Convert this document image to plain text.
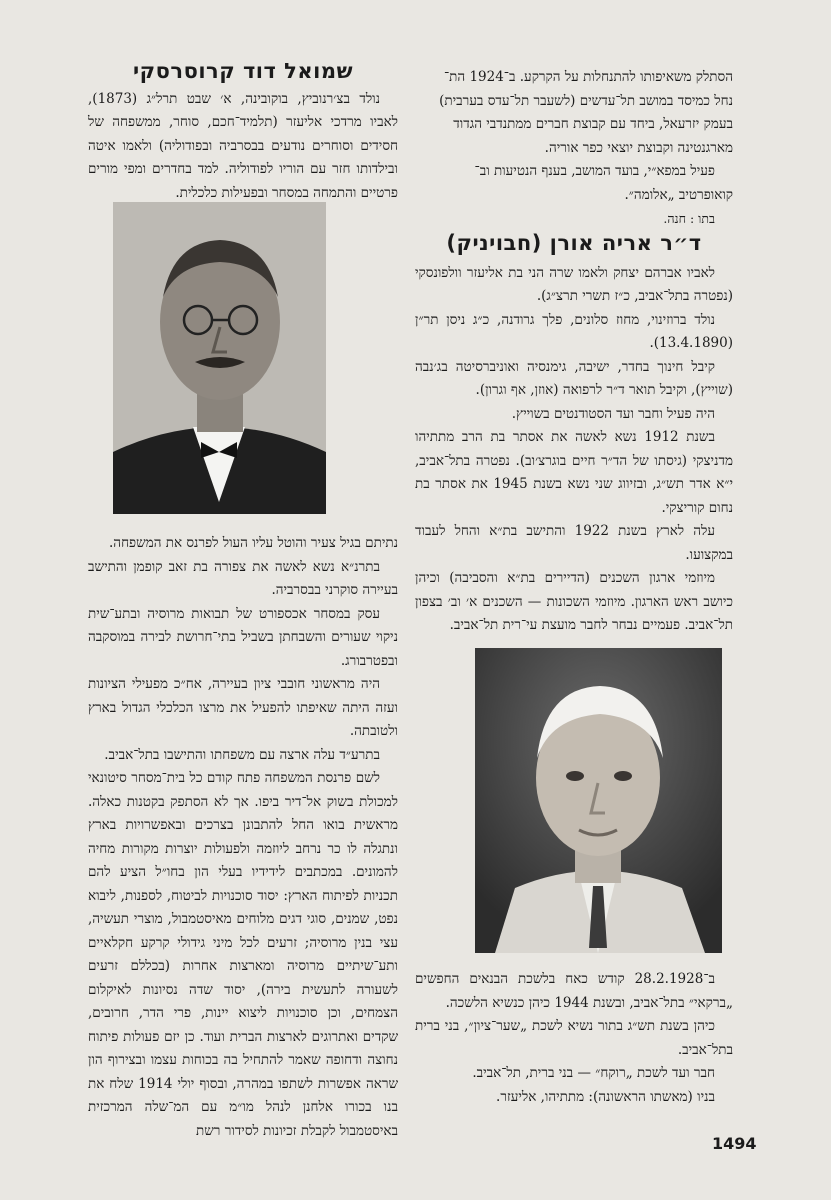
הסתלק משאיפותו להתנחלות על הקרקע. ב־1924 הת־

נחל כמיסד במושב תל־עדשים (לשעבר תל־עדס בערבית)

בעמק יזרעאל, ביחד עם קבוצת חברים ממתנדבי הגדוד

מארגנטינה וקבוצת יוצאי כפר אוריה.

פעיל במפא״י, בועד המושב, בענף הנטיעות וב־

קואופרטיב „אלומה״.

בתו : חנה.

ד״ר אריה אורן (חבויניק)

לאביו אברהם יצחק ולאמו שרה הני בת אליעזר וולפונסקי (נפטרה בתל־אביב, כ״ז תשרי תרצ״ג).

נולד ברוזינוי, מחוז סלונים, פלך גרודנה, כ״ג ניסן תר״ן (13.4.1890).

קיבל חינוך בחדר, ישיבה, גימנסיה ואוניברסיטה בג׳נבה (שוייץ), וקיבל תואר ד״ר לרפואה (אוזן, אף וגרון).

היה פעיל וחבר ועד הסטודנטים בשוייץ.

בשנת 1912 נשא לאשה את אסתר בת הרב מתתיהו מדניצקי (גיסתו של הד״ר חיים בוגרצ׳וב). נפטרה בתל־אביב, י״א אדר תש״ג, ובזיווג שני נשא בשנת 1945 את אסתר בת נחום קוריצקי.

עלה לארץ בשנת 1922 והתישב בת״א והחל לעבוד במקצועו.

מיוזמי ארגון השכנים (הדיירים בת״א והסביבה) וכיהן כיושב ראש הארגון. מיוזמי השכונות — השכנים א׳ וב׳ בצפון תל־אביב. פעמיים נבחר לחבר מועצת עי־רית תל־אביב.

ב־28.2.1928 קודש כאח בלשכת הבנאים החפשים „ברקאי״ בתל־אביב, ובשנת 1944 כיהן כנשיא הלשכה.

כיהן בשנת תש״ג בתור נשיא לשכת „שער־ציון״, בני ברית בתל־אביב.

חבר ועד לשכת „רוקח״ — בני ברית, תל־אביב.

בניו (מאשתו הראשונה): מתתיהו, אליעזר.

שמואל דוד קרוסרסקי

נולד בצ׳רנוביץ, בוקובינה, א׳ שבט תרל״ג (1873), לאביו מרדכי אליעזר (תלמיד־חכם, סוחר, ממשפחה של חסידים וסוחרים נודעים בבסרביה ובפודוליה) ולאמו איטה ובילדותו חזר עם הוריו לפודוליה. למד בחדרים ומפי מורים פרטיים והתמחה במסחר ובפעילות כלכלית.

נתיתם בגיל צעיר והוטל עליו העול לפרנס את המשפחה.

בתרנ״א נשא לאשה את צפורה בת זאב קופמן והתישב בעיירה סוקרני בבסרביה.

עסק במסחר אכספורט של תבואות מרוסיה ובתע־שית ניקוי שעורים והשבחתן בשביל בתי־חרושת לבירה במוסקבה ובפטרבורג.

היה מראשוני חובבי ציון בעיירה, אח״כ מפעילי הציונות ועזה היתה שאיפתו להפעיל את מרצו הכלכלי הגדול בארץ ולטובתה.

בתרע״ד עלה ארצה עם משפחתו והתישבו בתל־אביב.

לשם פרנסת המשפחה פתח קודם כל בית־מסחר סיטונאי למכולת בשוק אל־דיר ביפו. אך לא הסתפק בקטנות כאלה. מראשית בואו החל להתבונן בצרכים ובאפשרויות בארץ ונתגלה לו כר נרחב ליוזמה ולפעולות יוצרות מקורות מחיה להמונים. במכתבים לידידיו בעלי הון בחו״ל הציע להם תכניות לפיתוח הארץ: יסוד סוכנויות לביטוח, לספנות, ליבוא נפט, שמנים, סוגי דגים מלוחים מאיסטמבול, מוצרי תעשיה, עצי בנין מרוסיה; זרעים לכל מיני גידולי קרקע חקלאיים ותע־שיתיים מרוסיה ומארצות אחרות (בכללם זרעים לשעורה לתעשית בירה), יסוד שדה נסיונות לאיקלום הצמחים, וכן סוכנויות ליצוא יינות, פרי הדר, חרובים, שקדים ואתרוגים לארצות הברית ועוד. כן יזם פעולות פיתוח נחוצה ודחופה שאמר להתחיל בה בכוחות עצמו ובצירוף הון שראה אפשרות לשתפו במהרה, ובסוף יולי 1914 שלח את בנו בכורו אלחנן לנהל מו״מ עם המ־שלה המרכזית באיסטמבול לקבלת זכיונות לסידור רשת

1494
